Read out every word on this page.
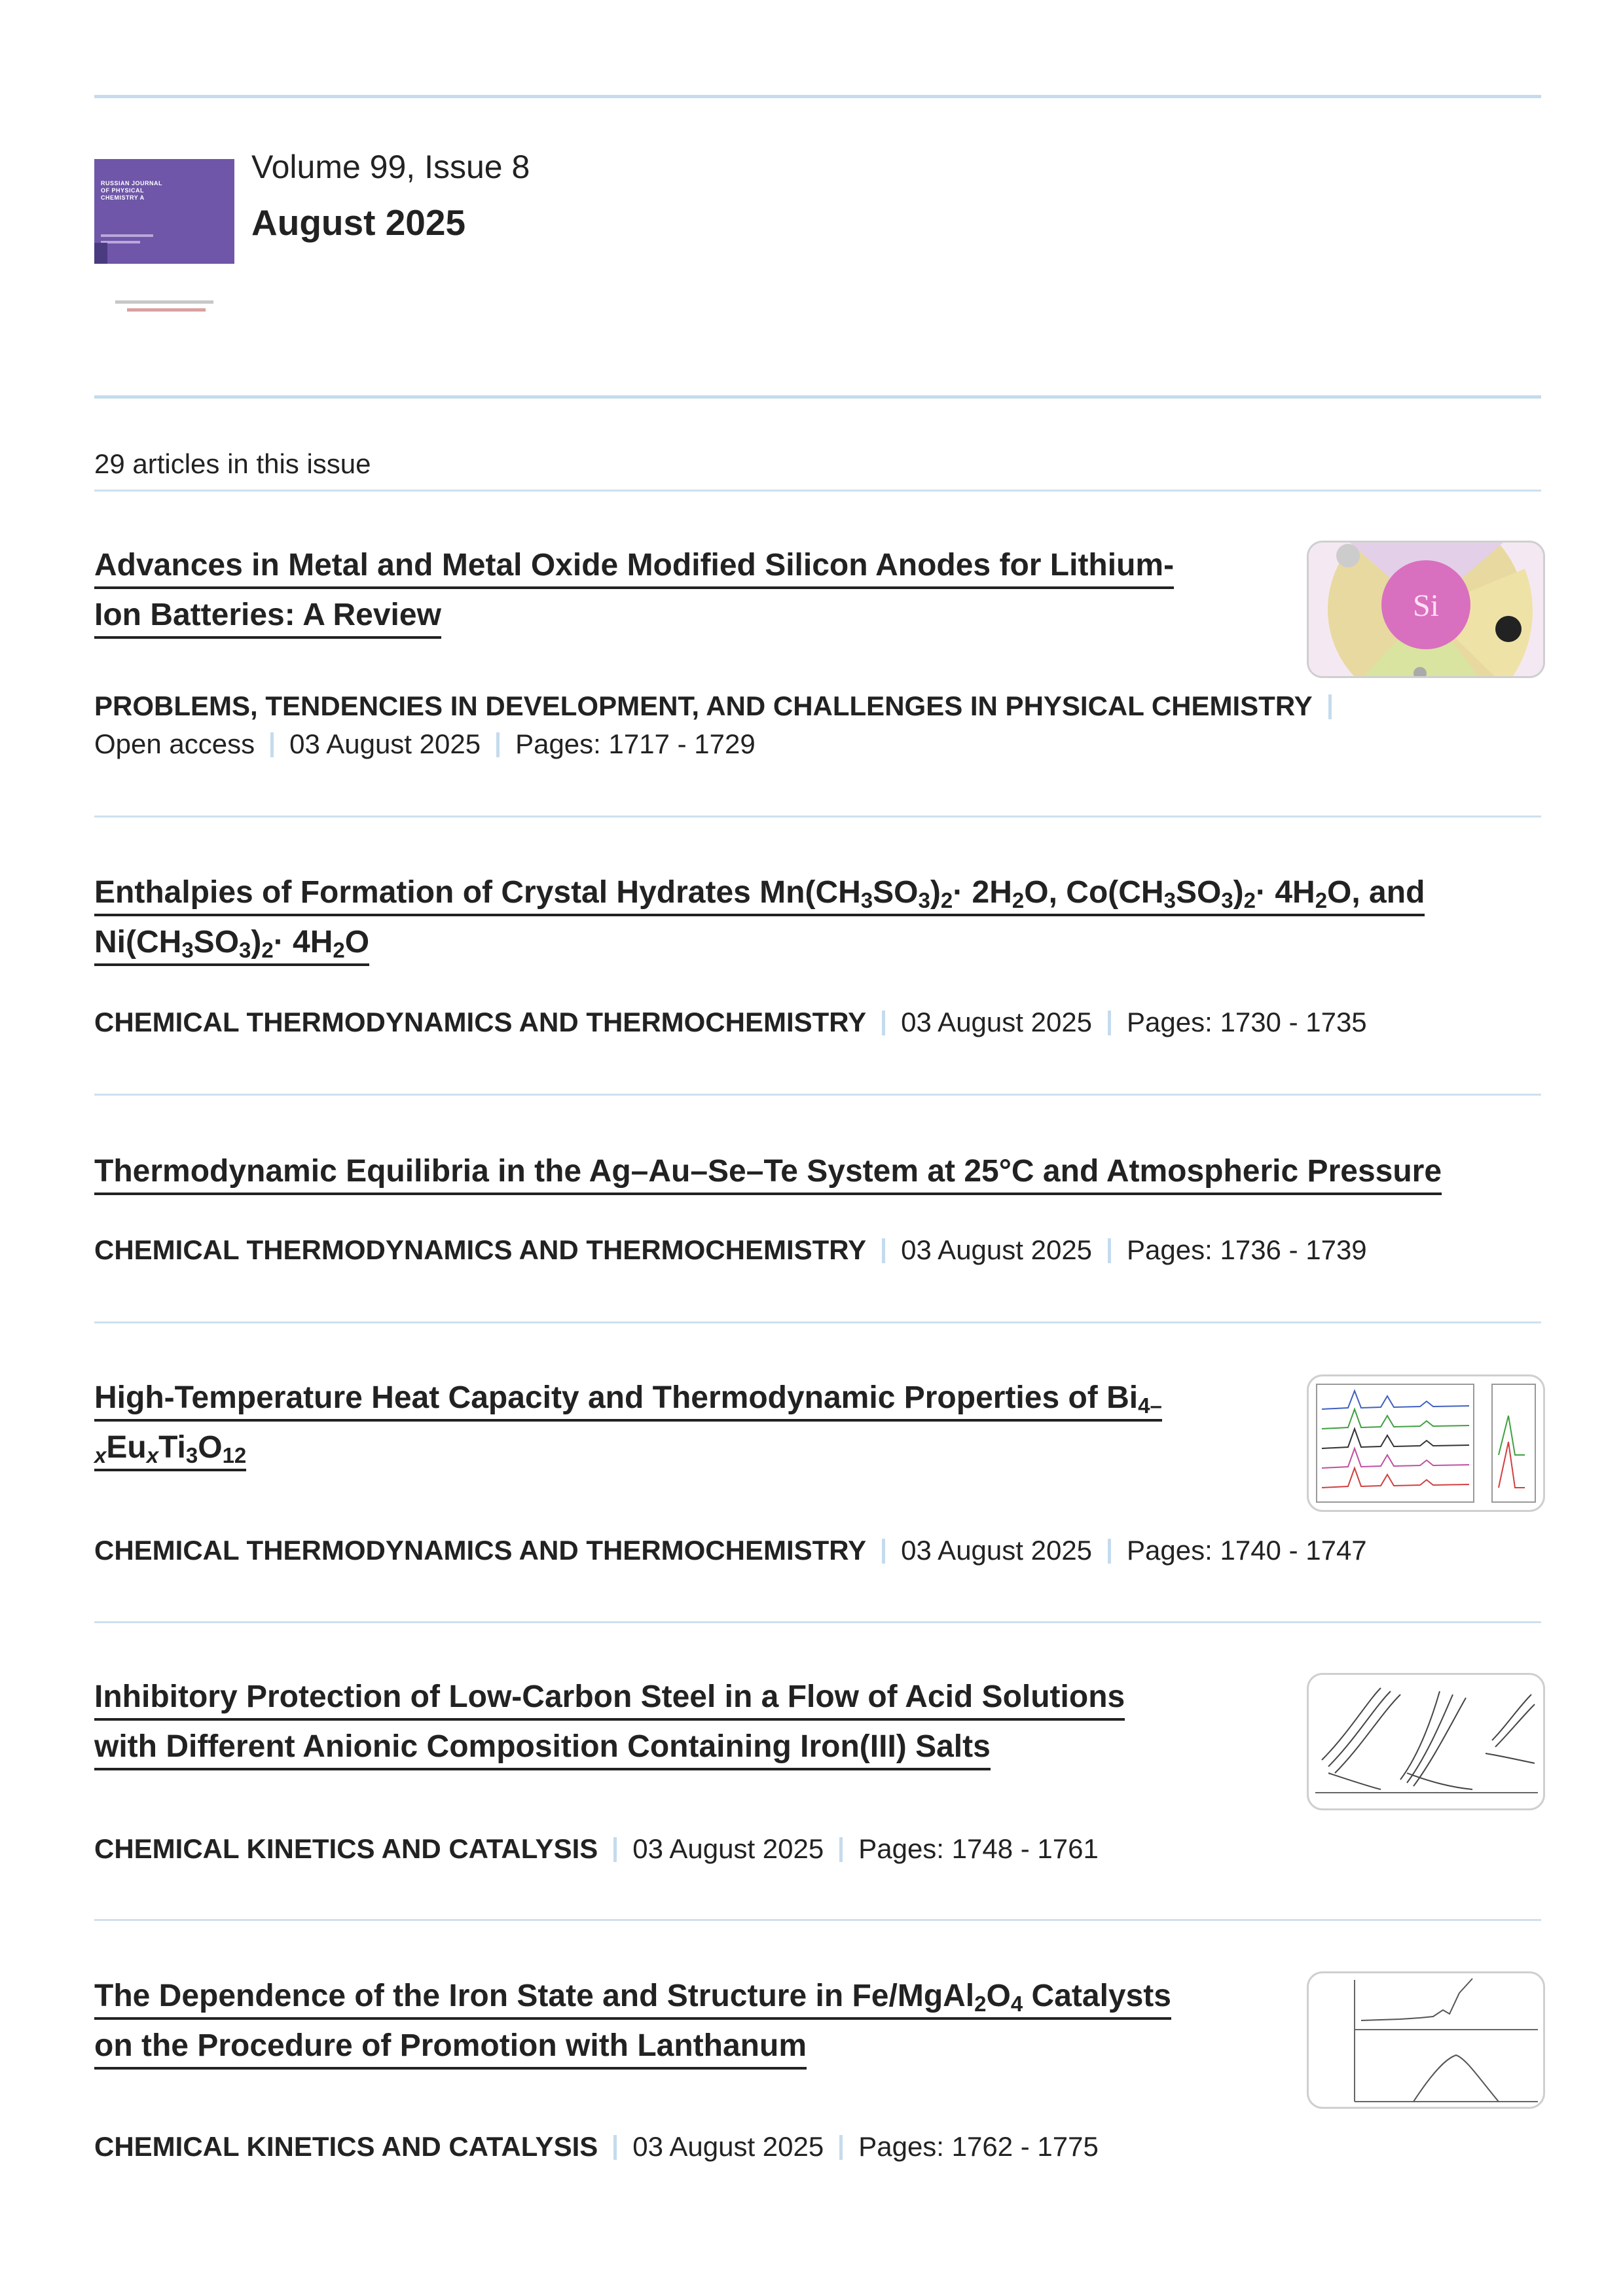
RUSSIAN JOURNAL OF PHYSICAL CHEMISTRY A
Volume 99, Issue 8
August 2025
29 articles in this issue
Advances in Metal and Metal Oxide Modified Silicon Anodes for Lithium-
Ion Batteries: A Review	Si
PROBLEMS, TENDENCIES IN DEVELOPMENT, AND CHALLENGES IN PHYSICAL CHEMISTRY
Open access 03 August 2025 Pages: 1717 - 1729
Enthalpies of Formation of Crystal Hydrates $Mn(CH_3SO_3)_2\cdot 2H_2O$, $Co(CH_3SO_3)_2\cdot 4H_2O$, and
$Ni(CH_3SO_3)_2\cdot 4H_2O$
CHEMICAL THERMODYNAMICS AND THERMOCHEMISTRY 03 August 2025 Pages: 1730 - 1735
Thermodynamic Equilibria in the Ag–Au–Se–Te System at 25°C and Atmospheric Pressure
CHEMICAL THERMODYNAMICS AND THERMOCHEMISTRY 03 August 2025 Pages: 1736 - 1739
High-Temperature Heat Capacity and Thermodynamic Properties of $Bi_{4-}$
$_xEu_xTi_3O_{12}$
CHEMICAL THERMODYNAMICS AND THERMOCHEMISTRY 03 August 2025 Pages: 1740 - 1747
Inhibitory Protection of Low-Carbon Steel in a Flow of Acid Solutions
with Different Anionic Composition Containing Iron(III) Salts
CHEMICAL KINETICS AND CATALYSIS 03 August 2025 Pages: 1748 - 1761
The Dependence of the Iron State and Structure in $Fe/MgAl_2O_4$ Catalysts
on the Procedure of Promotion with Lanthanum
CHEMICAL KINETICS AND CATALYSIS 03 August 2025 Pages: 1762 - 1775
